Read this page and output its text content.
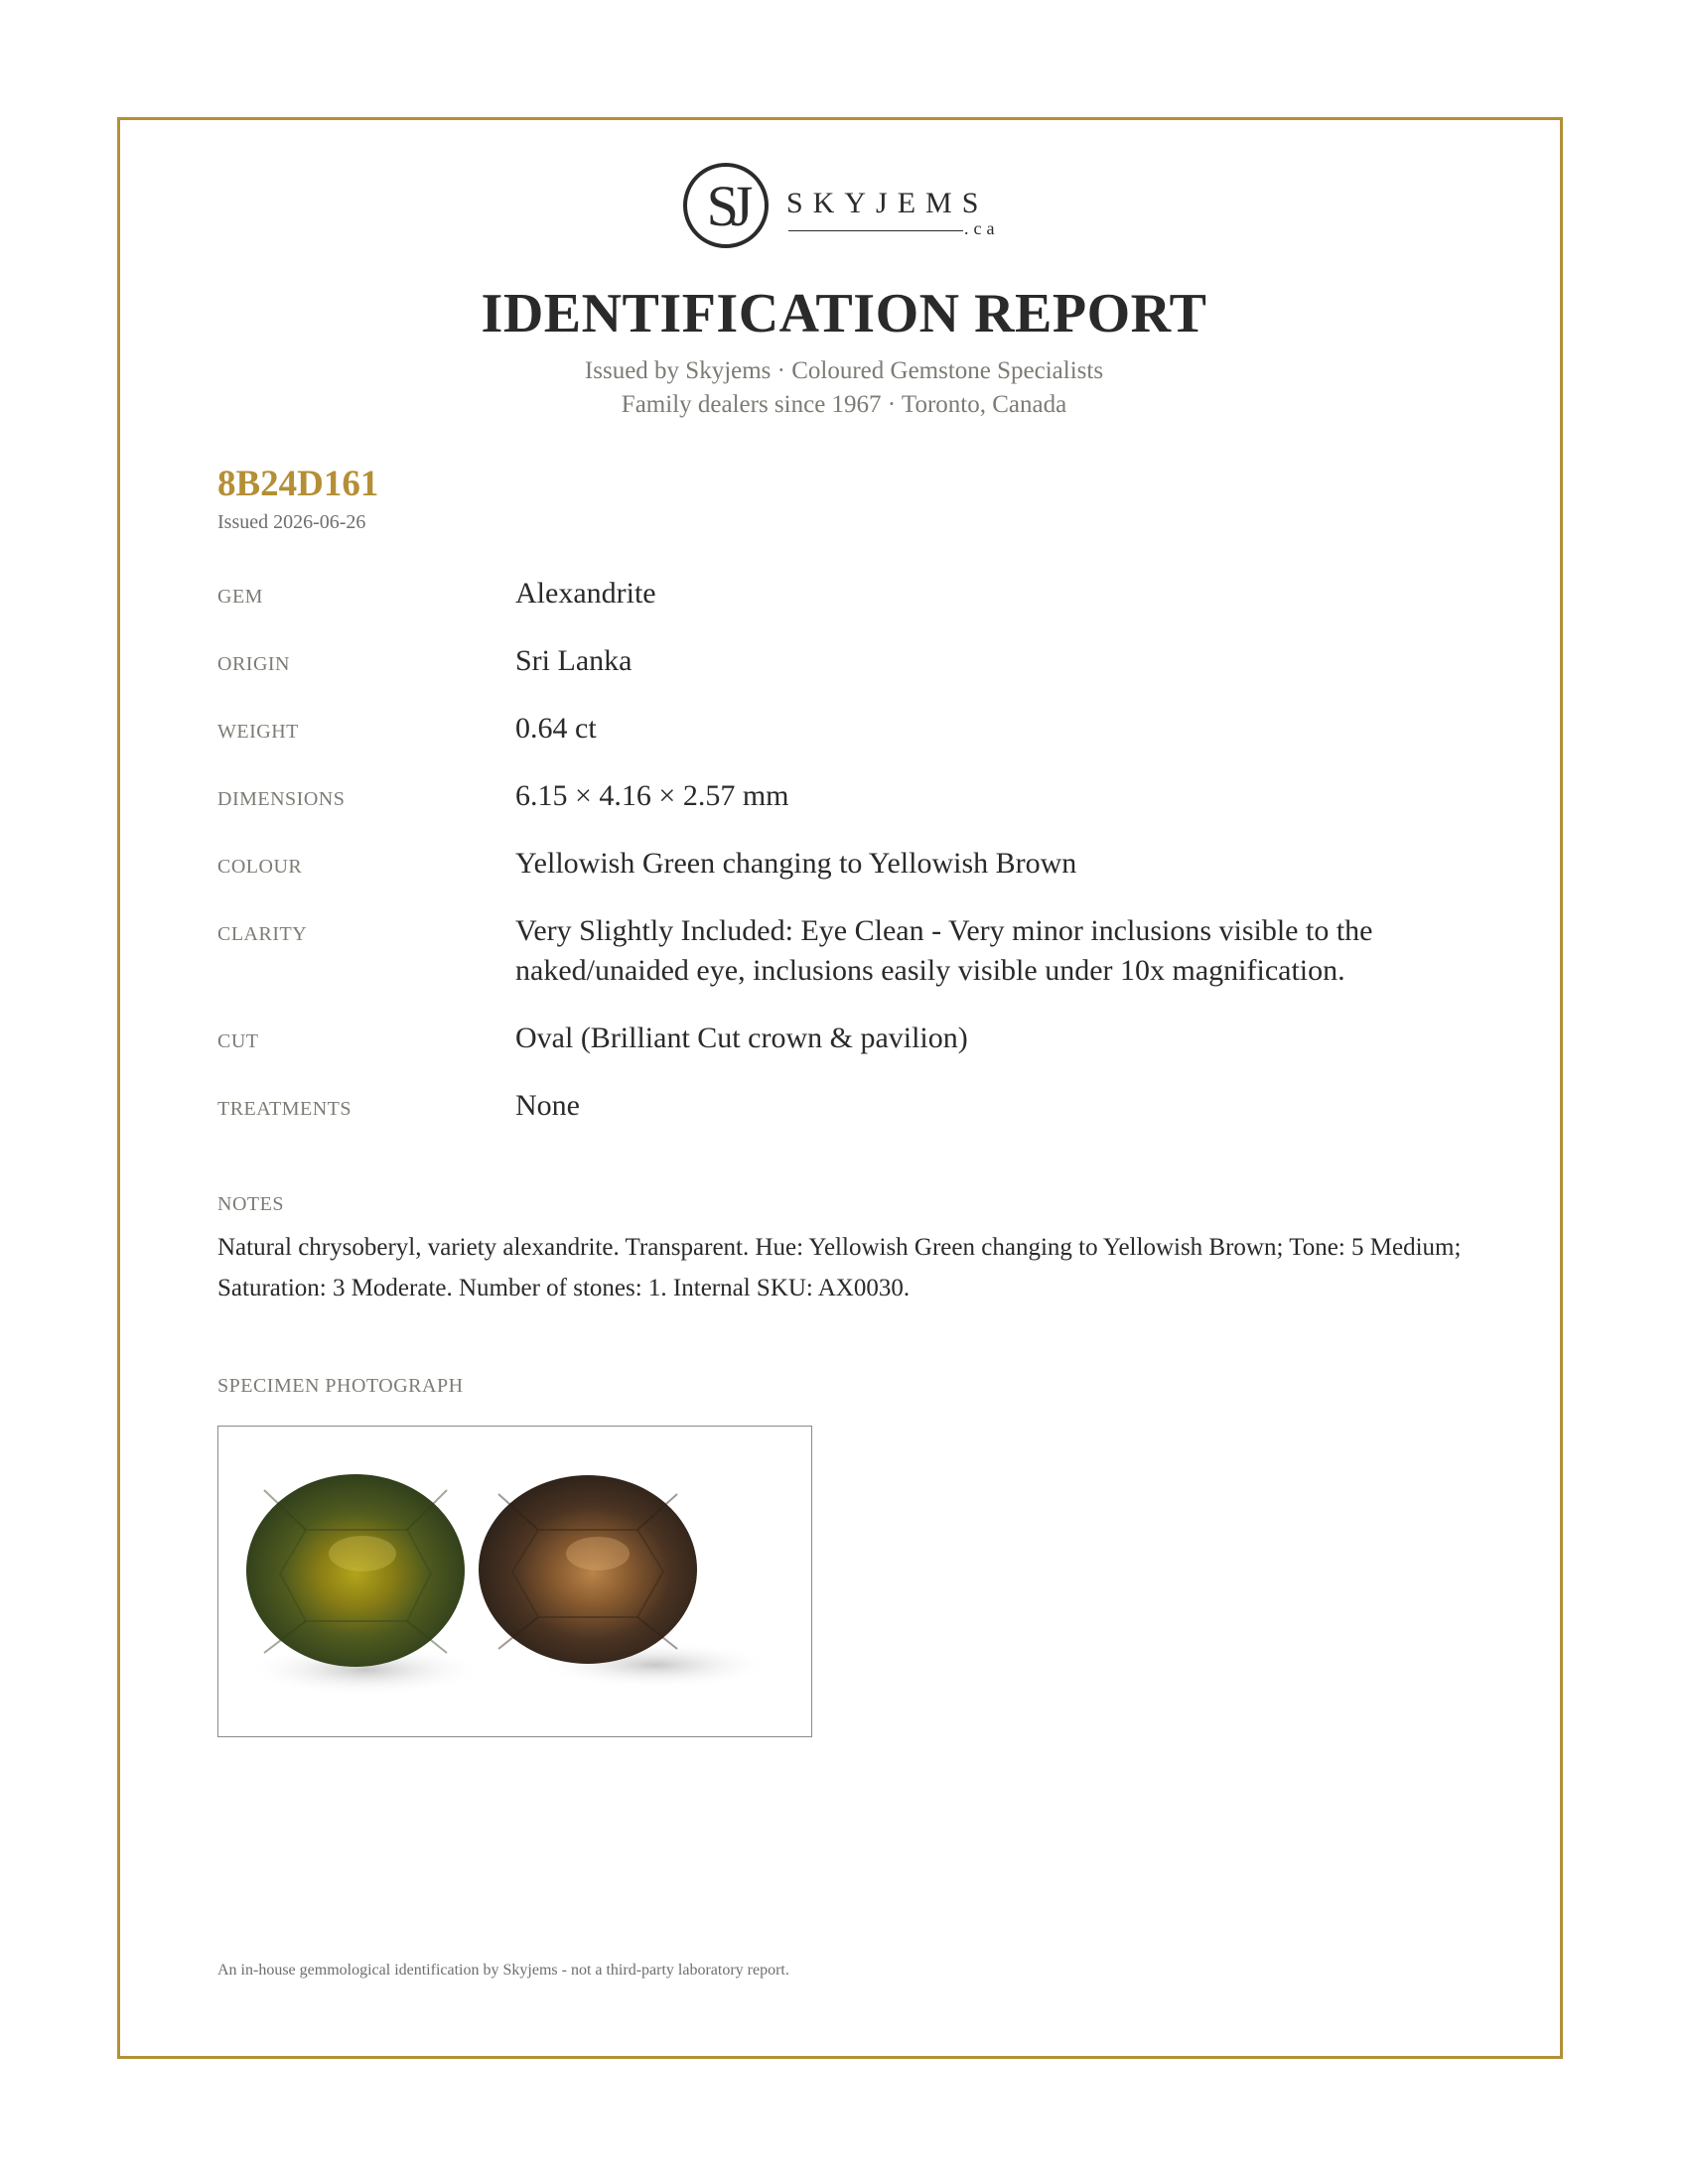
SJ	SKYJEMS
.ca
IDENTIFICATION REPORT
Issued by Skyjems · Coloured Gemstone Specialists
Family dealers since 1967 · Toronto, Canada
8B24D161
Issued 2026-06-26
GEM	Alexandrite
ORIGIN	Sri Lanka
WEIGHT	0.64 ct
DIMENSIONS	6.15 × 4.16 × 2.57 mm
COLOUR	Yellowish Green changing to Yellowish Brown
CLARITY	Very Slightly Included: Eye Clean - Very minor inclusions visible to the naked/unaided eye, inclusions easily visible under 10x magnification.
CUT	Oval (Brilliant Cut crown & pavilion)
TREATMENTS	None
NOTES
Natural chrysoberyl, variety alexandrite. Transparent. Hue: Yellowish Green changing to Yellowish Brown; Tone: 5 Medium; Saturation: 3 Moderate. Number of stones: 1. Internal SKU: AX0030.
SPECIMEN PHOTOGRAPH
An in-house gemmological identification by Skyjems - not a third-party laboratory report.
